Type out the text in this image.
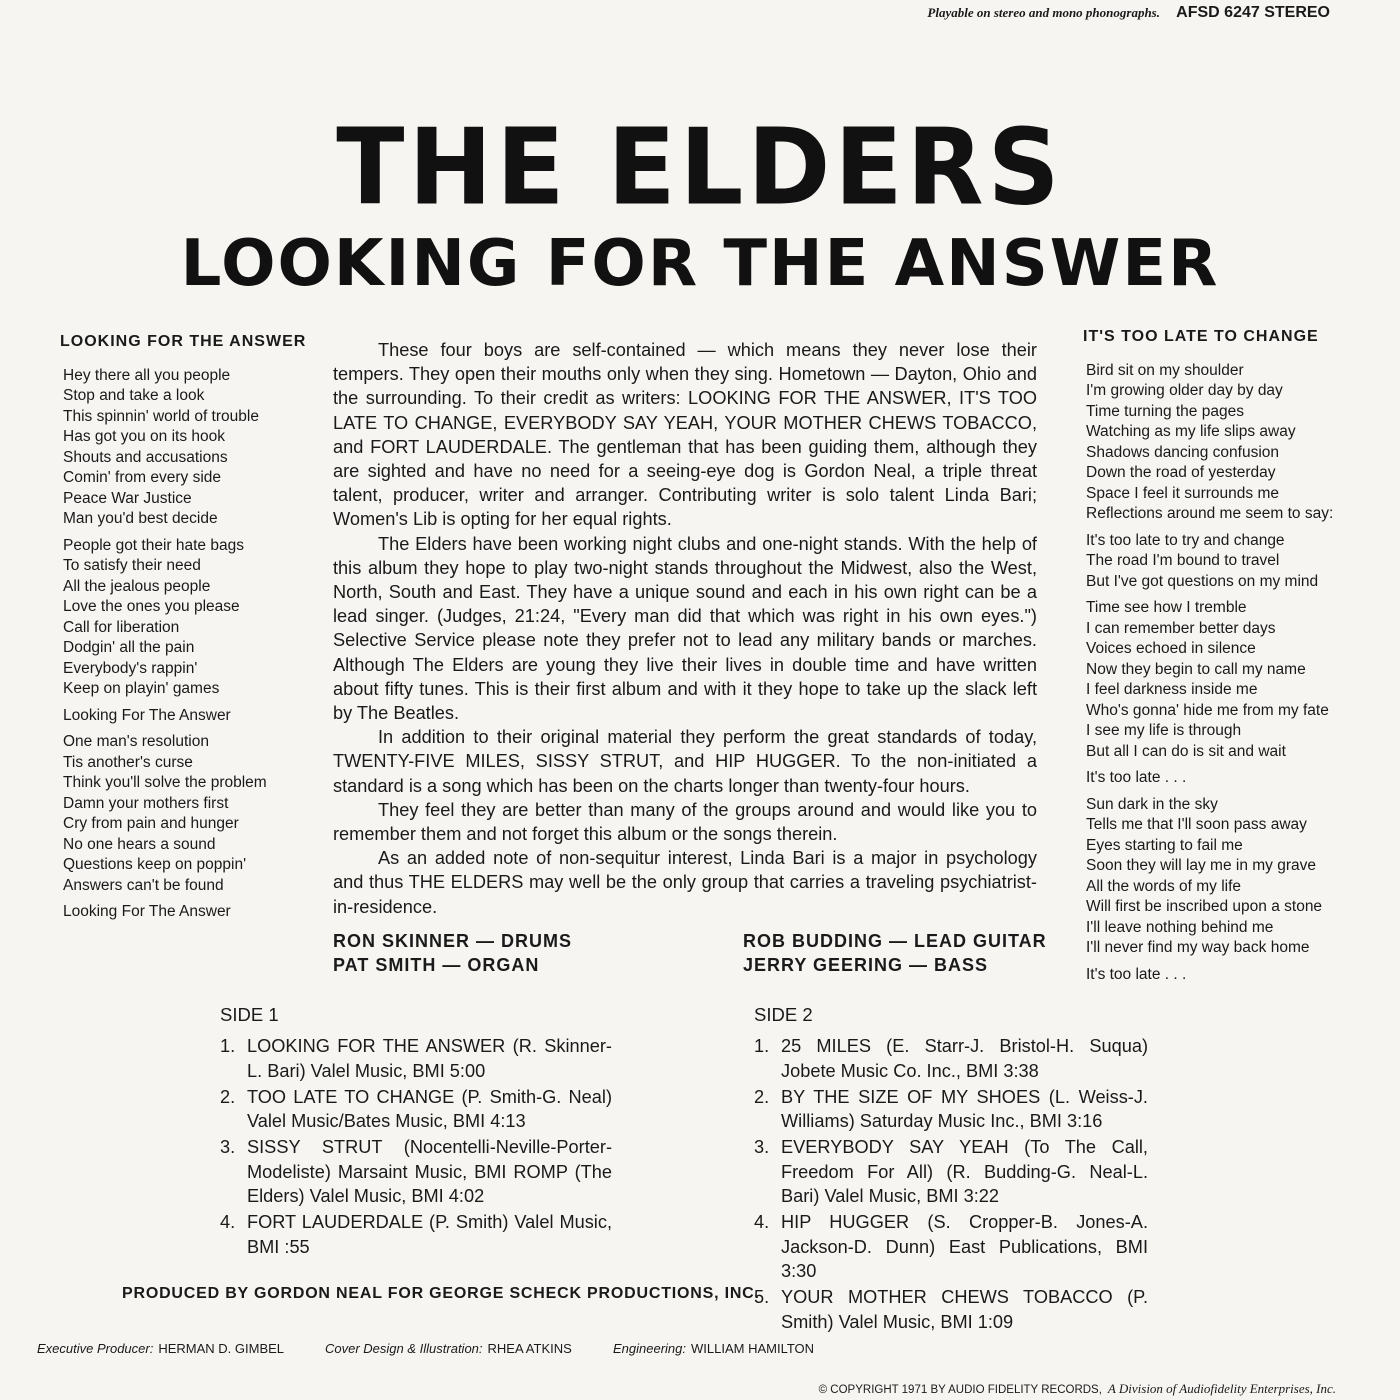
Playable on stereo and mono phonographs. AFSD 6247 STEREO
THE ELDERS
LOOKING FOR THE ANSWER
LOOKING FOR THE ANSWER
Hey there all you people
Stop and take a look
This spinnin' world of trouble
Has got you on its hook
Shouts and accusations
Comin' from every side
Peace War Justice
Man you'd best decide
People got their hate bags
To satisfy their need
All the jealous people
Love the ones you please
Call for liberation
Dodgin' all the pain
Everybody's rappin'
Keep on playin' games
Looking For The Answer
One man's resolution
Tis another's curse
Think you'll solve the problem
Damn your mothers first
Cry from pain and hunger
No one hears a sound
Questions keep on poppin'
Answers can't be found
Looking For The Answer

These four boys are self-contained — which means they never lose their tempers. They open their mouths only when they sing. Hometown — Dayton, Ohio and the surrounding. To their credit as writers: LOOKING FOR THE ANSWER, IT'S TOO LATE TO CHANGE, EVERYBODY SAY YEAH, YOUR MOTHER CHEWS TOBACCO, and FORT LAUDERDALE. The gentleman that has been guiding them, although they are sighted and have no need for a seeing-eye dog is Gordon Neal, a triple threat talent, producer, writer and arranger. Contributing writer is solo talent Linda Bari; Women's Lib is opting for her equal rights.

The Elders have been working night clubs and one-night stands. With the help of this album they hope to play two-night stands throughout the Midwest, also the West, North, South and East. They have a unique sound and each in his own right can be a lead singer. (Judges, 21:24, "Every man did that which was right in his own eyes.") Selective Service please note they prefer not to lead any military bands or marches. Although The Elders are young they live their lives in double time and have written about fifty tunes. This is their first album and with it they hope to take up the slack left by The Beatles.

In addition to their original material they perform the great standards of today, TWENTY-FIVE MILES, SISSY STRUT, and HIP HUGGER. To the non-initiated a standard is a song which has been on the charts longer than twenty-four hours.

They feel they are better than many of the groups around and would like you to remember them and not forget this album or the songs therein.

As an added note of non-sequitur interest, Linda Bari is a major in psychology and thus THE ELDERS may well be the only group that carries a traveling psychiatrist-in-residence.

IT'S TOO LATE TO CHANGE
Bird sit on my shoulder
I'm growing older day by day
Time turning the pages
Watching as my life slips away
Shadows dancing confusion
Down the road of yesterday
Space I feel it surrounds me
Reflections around me seem to say:
It's too late to try and change
The road I'm bound to travel
But I've got questions on my mind
Time see how I tremble
I can remember better days
Voices echoed in silence
Now they begin to call my name
I feel darkness inside me
Who's gonna' hide me from my fate
I see my life is through
But all I can do is sit and wait
It's too late . . .
Sun dark in the sky
Tells me that I'll soon pass away
Eyes starting to fail me
Soon they will lay me in my grave
All the words of my life
Will first be inscribed upon a stone
I'll leave nothing behind me
I'll never find my way back home
It's too late . . .
RON SKINNER — DRUMS
PAT SMITH — ORGAN
ROB BUDDING — LEAD GUITAR
JERRY GEERING — BASS
SIDE 1
1. LOOKING FOR THE ANSWER (R. Skinner-L. Bari) Valel Music, BMI 5:00
2. TOO LATE TO CHANGE (P. Smith-G. Neal) Valel Music/Bates Music, BMI 4:13
3. SISSY STRUT (Nocentelli-Neville-Porter-Modeliste) Marsaint Music, BMI ROMP (The Elders) Valel Music, BMI 4:02
4. FORT LAUDERDALE (P. Smith) Valel Music, BMI :55
SIDE 2
1. 25 MILES (E. Starr-J. Bristol-H. Suqua) Jobete Music Co. Inc., BMI 3:38
2. BY THE SIZE OF MY SHOES (L. Weiss-J. Williams) Saturday Music Inc., BMI 3:16
3. EVERYBODY SAY YEAH (To The Call, Freedom For All) (R. Budding-G. Neal-L. Bari) Valel Music, BMI 3:22
4. HIP HUGGER (S. Cropper-B. Jones-A. Jackson-D. Dunn) East Publications, BMI 3:30
5. YOUR MOTHER CHEWS TOBACCO (P. Smith) Valel Music, BMI 1:09
PRODUCED BY GORDON NEAL FOR GEORGE SCHECK PRODUCTIONS, INC.
Executive Producer: HERMAN D. GIMBEL	Cover Design & Illustration: RHEA ATKINS	Engineering: WILLIAM HAMILTON
© COPYRIGHT 1971 BY AUDIO FIDELITY RECORDS, A Division of Audiofidelity Enterprises, Inc.
